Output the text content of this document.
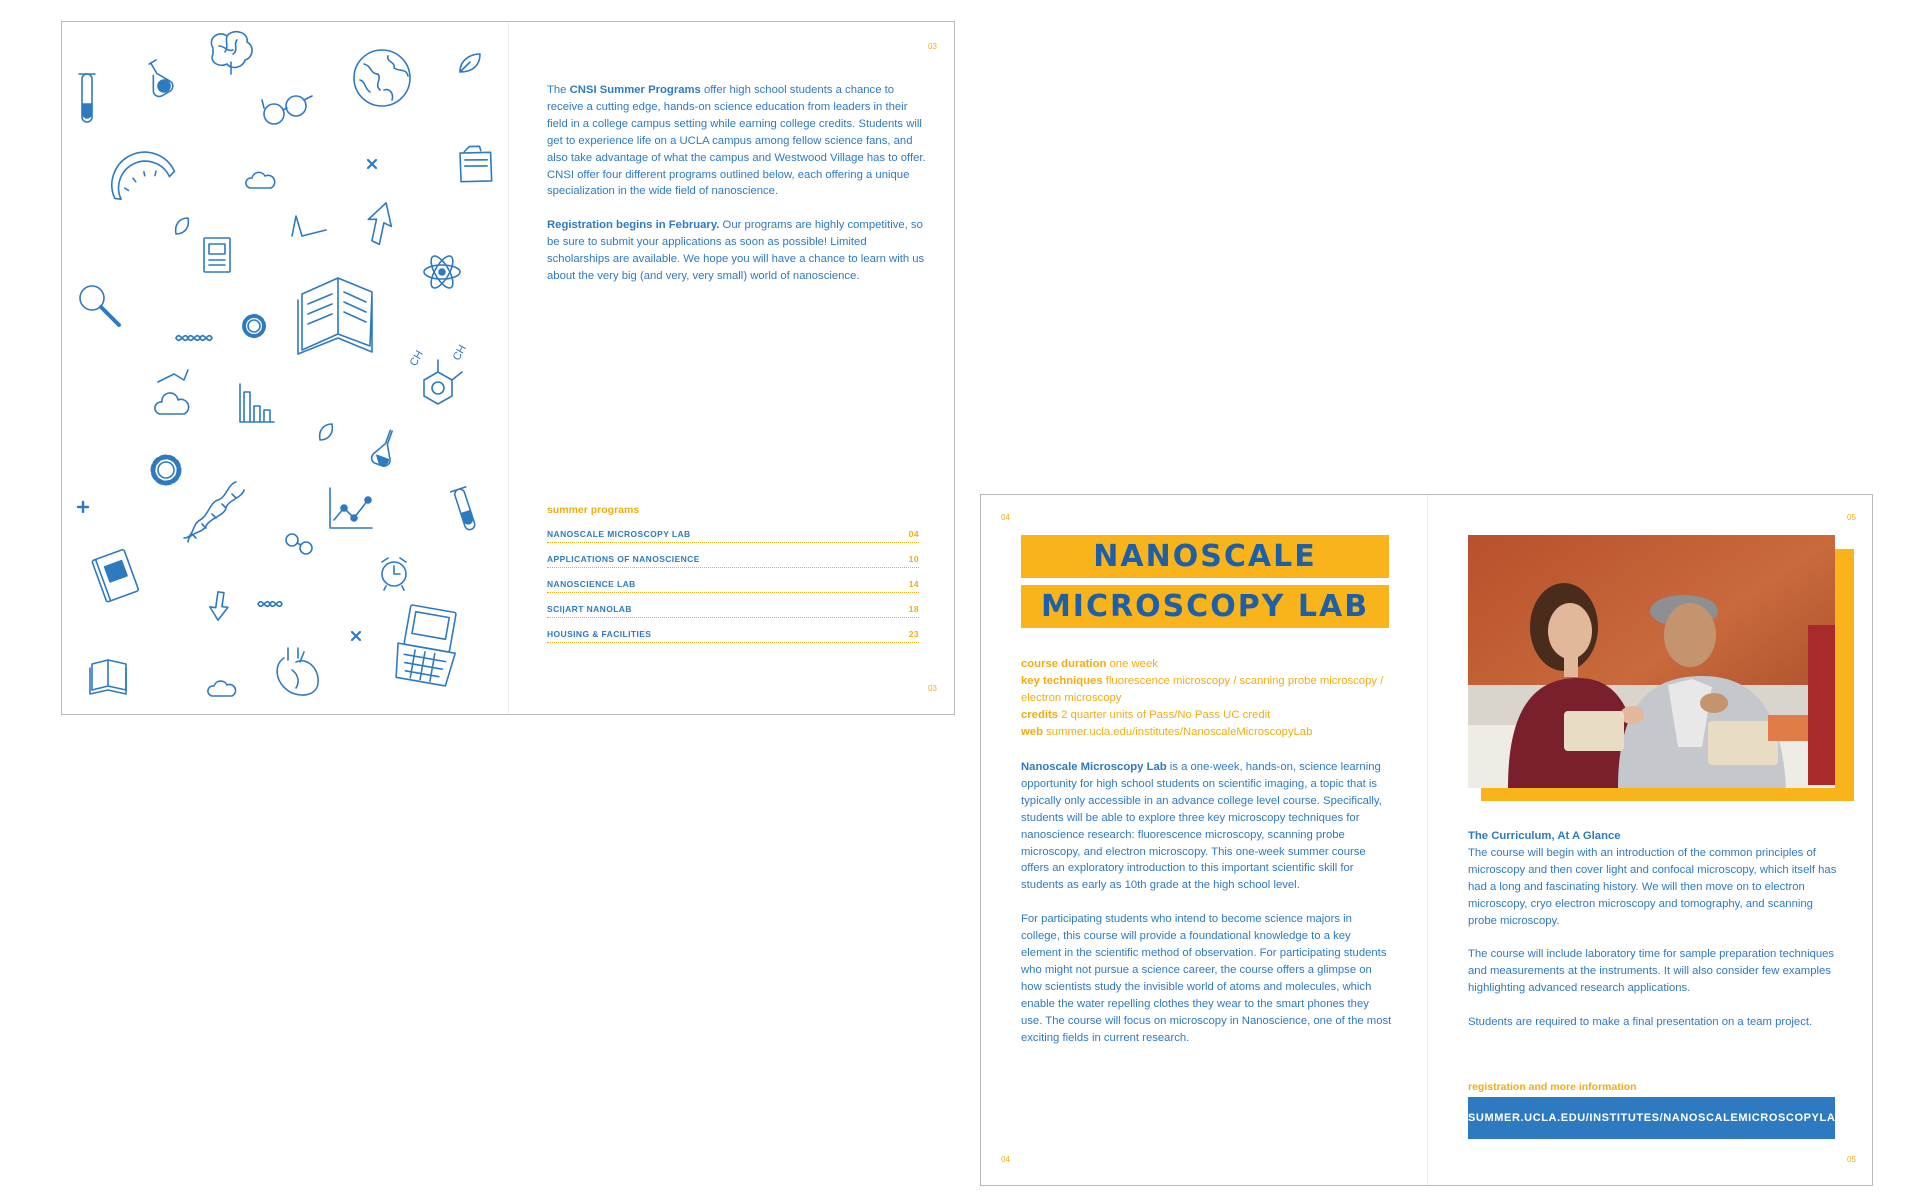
CH CH
03
03

The CNSI Summer Programs offer high school students a chance to receive a cutting edge, hands-on science education from leaders in their field in a college campus setting while earning college credits. Students will get to experience life on a UCLA campus among fellow science fans, and also take advantage of what the campus and Westwood Village has to offer. CNSI offer four different programs outlined below, each offering a unique specialization in the wide field of nanoscience.

Registration begins in February. Our programs are highly competitive, so be sure to submit your applications as soon as possible! Limited scholarships are available. We hope you will have a chance to learn with us about the very big (and very, very small) world of nanoscience.

summer programs
NANOSCALE MICROSCOPY LAB	04
APPLICATIONS OF NANOSCIENCE	10
NANOSCIENCE LAB	14
SCI|ART NANOLAB	18
HOUSING & FACILITIES	23
04
04
05
05
NANOSCALE
MICROSCOPY LAB
course duration one week
key techniques fluorescence microscopy / scanning probe microscopy / electron microscopy
credits 2 quarter units of Pass/No Pass UC credit
web summer.ucla.edu/institutes/NanoscaleMicroscopyLab

Nanoscale Microscopy Lab is a one-week, hands-on, science learning opportunity for high school students on scientific imaging, a topic that is typically only accessible in an advance college level course. Specifically, students will be able to explore three key microscopy techniques for nanoscience research: fluorescence microscopy, scanning probe microscopy, and electron microscopy. This one-week summer course offers an exploratory introduction to this important scientific skill for students as early as 10th grade at the high school level.

For participating students who intend to become science majors in college, this course will provide a foundational knowledge to a key element in the scientific method of observation. For participating students who might not pursue a science career, the course offers a glimpse on how scientists study the invisible world of atoms and molecules, which enable the water repelling clothes they wear to the smart phones they use. The course will focus on microscopy in Nanoscience, one of the most exciting fields in current research.

The Curriculum, At A Glance

The course will begin with an introduction of the common principles of microscopy and then cover light and confocal microscopy, which itself has had a long and fascinating history. We will then move on to electron microscopy, cryo electron microscopy and tomography, and scanning probe microscopy.

The course will include laboratory time for sample preparation techniques and measurements at the instruments. It will also consider few examples highlighting advanced research applications.

Students are required to make a final presentation on a team project.

registration and more information
SUMMER.UCLA.EDU/INSTITUTES/NANOSCALEMICROSCOPYLAB
